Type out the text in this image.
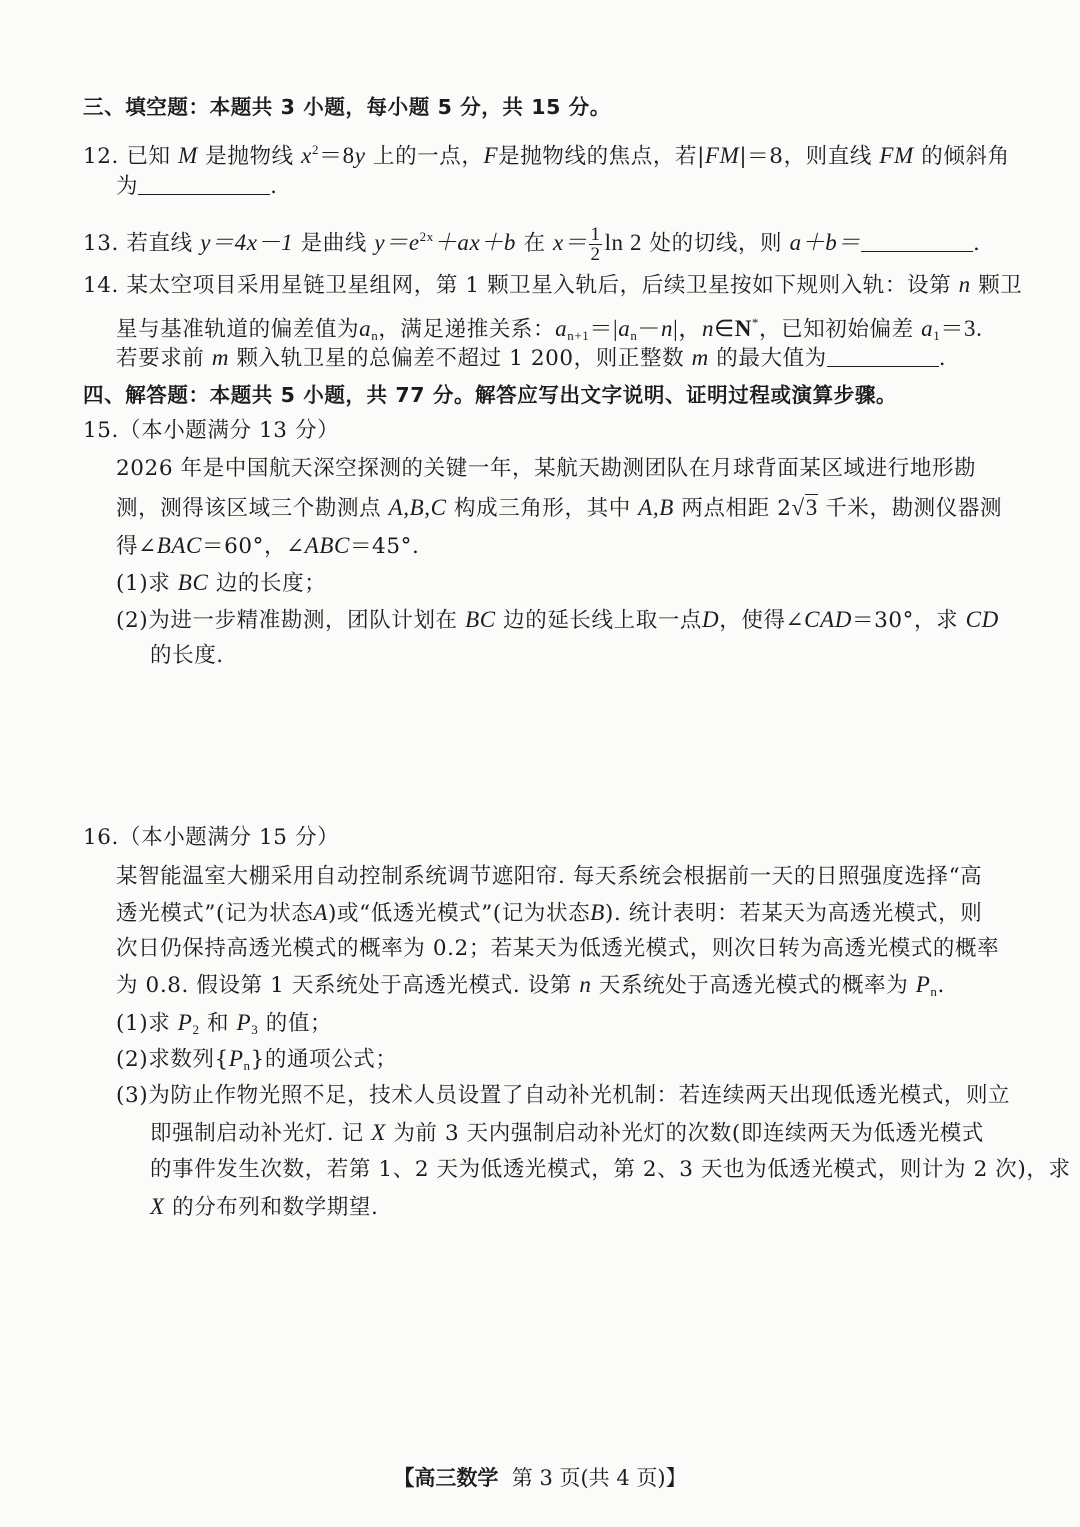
三、填空题：本题共 3 小题，每小题 5 分，共 15 分。
12. 已知 M 是抛物线 $x^2=8y$ 上的一点，F是抛物线的焦点，若|FM|＝8，则直线 FM 的倾斜角
为	.
13. 若直线 y＝4x－1 是曲线 $y=e^{2x}+ax+b$ 在 $x= \frac{1}{2}$ ln 2 处的切线，则 a＋b＝	.
14. 某太空项目采用星链卫星组网，第 1 颗卫星入轨后，后续卫星按如下规则入轨：设第 n 颗卫
星与基准轨道的偏差值为$a_n$，满足递推关系：$a_{n+1}=|a_n-n|$，n∈N*，已知初始偏差 $a_1=3$.
若要求前 m 颗入轨卫星的总偏差不超过 1 200，则正整数 m 的最大值为	.
四、解答题：本题共 5 小题，共 77 分。解答应写出文字说明、证明过程或演算步骤。
15.（本小题满分 13 分）
2026 年是中国航天深空探测的关键一年，某航天勘测团队在月球背面某区域进行地形勘
测，测得该区域三个勘测点 A,B,C 构成三角形，其中 A,B 两点相距 2√3 千米，勘测仪器测
得∠BAC＝60°，∠ABC＝45°.
(1)求 BC 边的长度；
(2)为进一步精准勘测，团队计划在 BC 边的延长线上取一点D，使得∠CAD＝30°，求 CD
的长度.
16.（本小题满分 15 分）
某智能温室大棚采用自动控制系统调节遮阳帘. 每天系统会根据前一天的日照强度选择“高
透光模式”(记为状态A)或“低透光模式”(记为状态B). 统计表明：若某天为高透光模式，则
次日仍保持高透光模式的概率为 0.2；若某天为低透光模式，则次日转为高透光模式的概率
为 0.8. 假设第 1 天系统处于高透光模式. 设第 n 天系统处于高透光模式的概率为 $P_n$.
(1)求 $P_2$ 和 $P_3$ 的值；
(2)求数列$\{P_n\}$的通项公式；
(3)为防止作物光照不足，技术人员设置了自动补光机制：若连续两天出现低透光模式，则立
即强制启动补光灯. 记 X 为前 3 天内强制启动补光灯的次数(即连续两天为低透光模式
的事件发生次数，若第 1、2 天为低透光模式，第 2、3 天也为低透光模式，则计为 2 次)，求
X 的分布列和数学期望.
【高三数学 第 3 页(共 4 页)】
